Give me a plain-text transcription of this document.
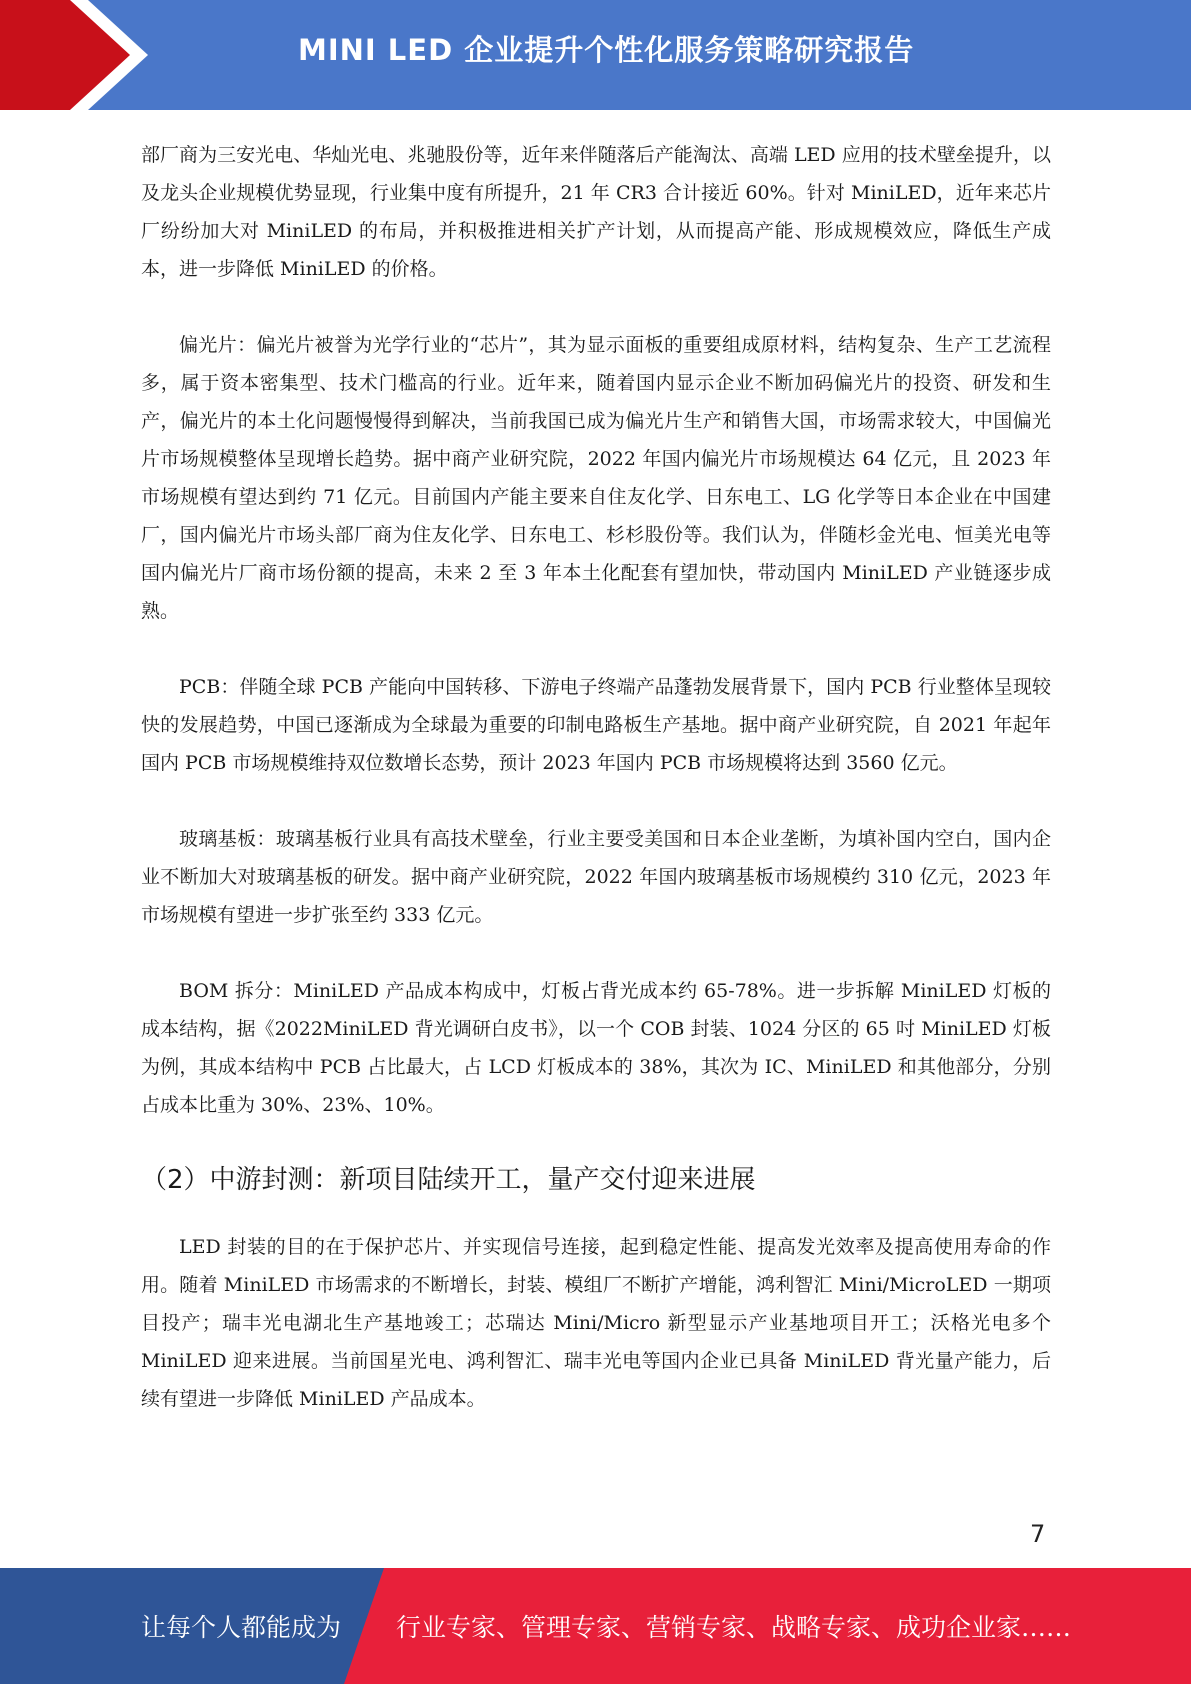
MINI LED 企业提升个性化服务策略研究报告

部厂商为三安光电、华灿光电、兆驰股份等，近年来伴随落后产能淘汰、高端 LED 应用的技术壁垒提升，以及龙头企业规模优势显现，行业集中度有所提升，21 年 CR3 合计接近 60%。针对 MiniLED，近年来芯片厂纷纷加大对 MiniLED 的布局，并积极推进相关扩产计划，从而提高产能、形成规模效应，降低生产成本，进一步降低 MiniLED 的价格。

偏光片：偏光片被誉为光学行业的“芯片”，其为显示面板的重要组成原材料，结构复杂、生产工艺流程多，属于资本密集型、技术门槛高的行业。近年来，随着国内显示企业不断加码偏光片的投资、研发和生产，偏光片的本土化问题慢慢得到解决，当前我国已成为偏光片生产和销售大国，市场需求较大，中国偏光片市场规模整体呈现增长趋势。据中商产业研究院，2022 年国内偏光片市场规模达 64 亿元，且 2023 年市场规模有望达到约 71 亿元。目前国内产能主要来自住友化学、日东电工、LG 化学等日本企业在中国建厂，国内偏光片市场头部厂商为住友化学、日东电工、杉杉股份等。我们认为，伴随杉金光电、恒美光电等国内偏光片厂商市场份额的提高，未来 2 至 3 年本土化配套有望加快，带动国内 MiniLED 产业链逐步成熟。

PCB：伴随全球 PCB 产能向中国转移、下游电子终端产品蓬勃发展背景下，国内 PCB 行业整体呈现较快的发展趋势，中国已逐渐成为全球最为重要的印制电路板生产基地。据中商产业研究院，自 2021 年起年国内 PCB 市场规模维持双位数增长态势，预计 2023 年国内 PCB 市场规模将达到 3560 亿元。

玻璃基板：玻璃基板行业具有高技术壁垒，行业主要受美国和日本企业垄断，为填补国内空白，国内企业不断加大对玻璃基板的研发。据中商产业研究院，2022 年国内玻璃基板市场规模约 310 亿元，2023 年市场规模有望进一步扩张至约 333 亿元。

BOM 拆分：MiniLED 产品成本构成中，灯板占背光成本约 65-78%。进一步拆解 MiniLED 灯板的成本结构，据《2022MiniLED 背光调研白皮书》，以一个 COB 封装、1024 分区的 65 吋 MiniLED 灯板为例，其成本结构中 PCB 占比最大，占 LCD 灯板成本的 38%，其次为 IC、MiniLED 和其他部分，分别占成本比重为 30%、23%、10%。

（2）中游封测：新项目陆续开工，量产交付迎来进展

LED 封装的目的在于保护芯片、并实现信号连接，起到稳定性能、提高发光效率及提高使用寿命的作用。随着 MiniLED 市场需求的不断增长，封装、模组厂不断扩产增能，鸿利智汇 Mini/MicroLED 一期项目投产；瑞丰光电湖北生产基地竣工；芯瑞达 Mini/Micro 新型显示产业基地项目开工；沃格光电多个 MiniLED 迎来进展。当前国星光电、鸿利智汇、瑞丰光电等国内企业已具备 MiniLED 背光量产能力，后续有望进一步降低 MiniLED 产品成本。

7
让每个人都能成为 行业专家、管理专家、营销专家、战略专家、成功企业家……
